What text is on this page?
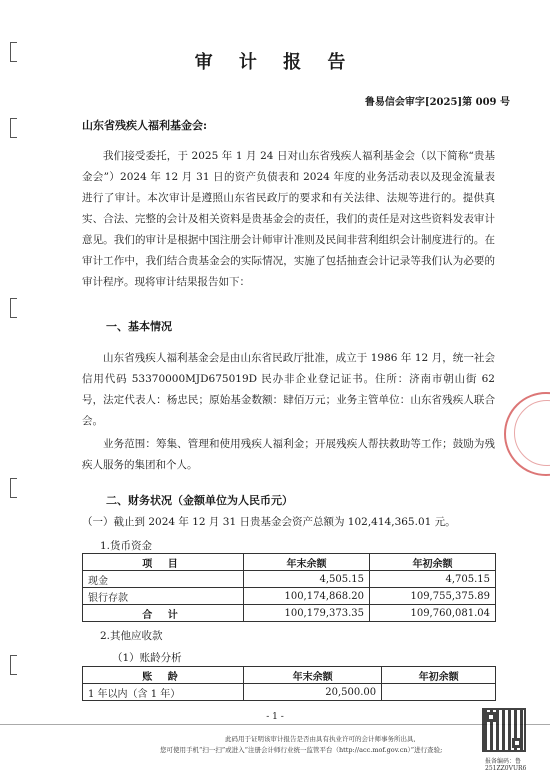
审 计 报 告
鲁易信会审字[2025]第 009 号
山东省残疾人福利基金会:

我们接受委托，于 2025 年 1 月 24 日对山东省残疾人福利基金会（以下简称“贵基金会”）2024 年 12 月 31 日的资产负债表和 2024 年度的业务活动表以及现金流量表进行了审计。本次审计是遵照山东省民政厅的要求和有关法律、法规等进行的。提供真实、合法、完整的会计及相关资料是贵基金会的责任，我们的责任是对这些资料发表审计意见。我们的审计是根据中国注册会计师审计准则及民间非营利组织会计制度进行的。在审计工作中，我们结合贵基金会的实际情况，实施了包括抽查会计记录等我们认为必要的审计程序。现将审计结果报告如下：

一、基本情况

山东省残疾人福利基金会是由山东省民政厅批准，成立于 1986 年 12 月，统一社会信用代码 53370000MJD675019D 民办非企业登记证书。住所：济南市朝山街 62 号，法定代表人：杨忠民；原始基金数额：肆佰万元；业务主管单位：山东省残疾人联合会。

业务范围：筹集、管理和使用残疾人福利金；开展残疾人帮扶救助等工作；鼓励为残疾人服务的集团和个人。

二、财务状况（金额单位为人民币元）
（一）截止到 2024 年 12 月 31 日贵基金会资产总额为 102,414,365.01 元。
1.货币资金
项 目	年末余额	年初余额
现金	4,505.15	4,705.15
银行存款	100,174,868.20	109,755,375.89
合 计	100,179,373.35	109,760,081.04
2.其他应收款
（1）账龄分析
账 龄	年末余额	年初余额
1 年以内（含 1 年）	20,500.00	
- 1 -
此码用于证明该审计报告是否由具有执业许可的会计师事务所出具,
您可使用手机“扫一扫”或进入“注册会计师行业统一监管平台（http://acc.mof.gov.cn）”进行查验;
报备编码：鲁251ZZ0VUR6
